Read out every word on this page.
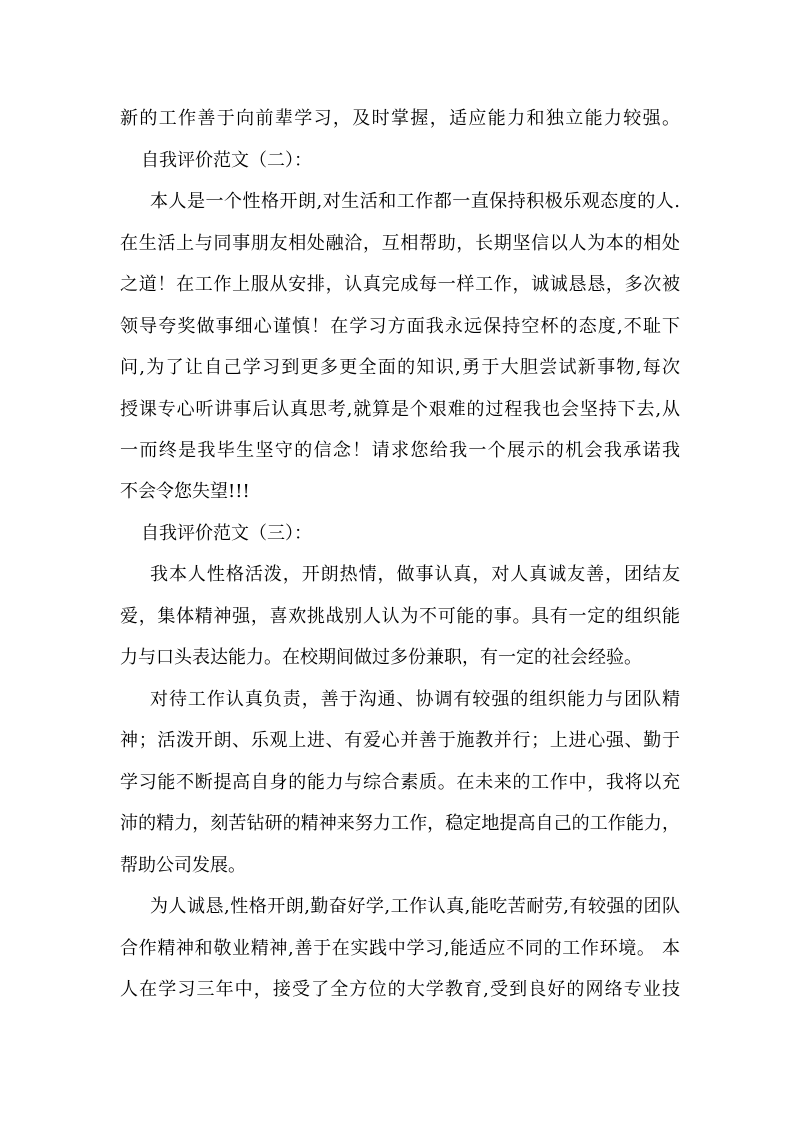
新的工作善于向前辈学习，及时掌握，适应能力和独立能力较强。
自我评价范文（二）：
本人是一个性格开朗,对生活和工作都一直保持积极乐观态度的人.
在生活上与同事朋友相处融洽，互相帮助，长期坚信以人为本的相处
之道！在工作上服从安排，认真完成每一样工作，诚诚恳恳，多次被
领导夸奖做事细心谨慎！在学习方面我永远保持空杯的态度,不耻下
问,为了让自己学习到更多更全面的知识,勇于大胆尝试新事物,每次
授课专心听讲事后认真思考,就算是个艰难的过程我也会坚持下去,从
一而终是我毕生坚守的信念！请求您给我一个展示的机会我承诺我
不会令您失望!!!
自我评价范文（三）：
我本人性格活泼，开朗热情，做事认真，对人真诚友善，团结友
爱，集体精神强，喜欢挑战别人认为不可能的事。具有一定的组织能
力与口头表达能力。在校期间做过多份兼职，有一定的社会经验。
对待工作认真负责，善于沟通、协调有较强的组织能力与团队精
神；活泼开朗、乐观上进、有爱心并善于施教并行；上进心强、勤于
学习能不断提高自身的能力与综合素质。在未来的工作中，我将以充
沛的精力，刻苦钻研的精神来努力工作，稳定地提高自己的工作能力，
帮助公司发展。
为人诚恳,性格开朗,勤奋好学,工作认真,能吃苦耐劳,有较强的团队
合作精神和敬业精神,善于在实践中学习,能适应不同的工作环境。 本
人在学习三年中，接受了全方位的大学教育,受到良好的网络专业技
